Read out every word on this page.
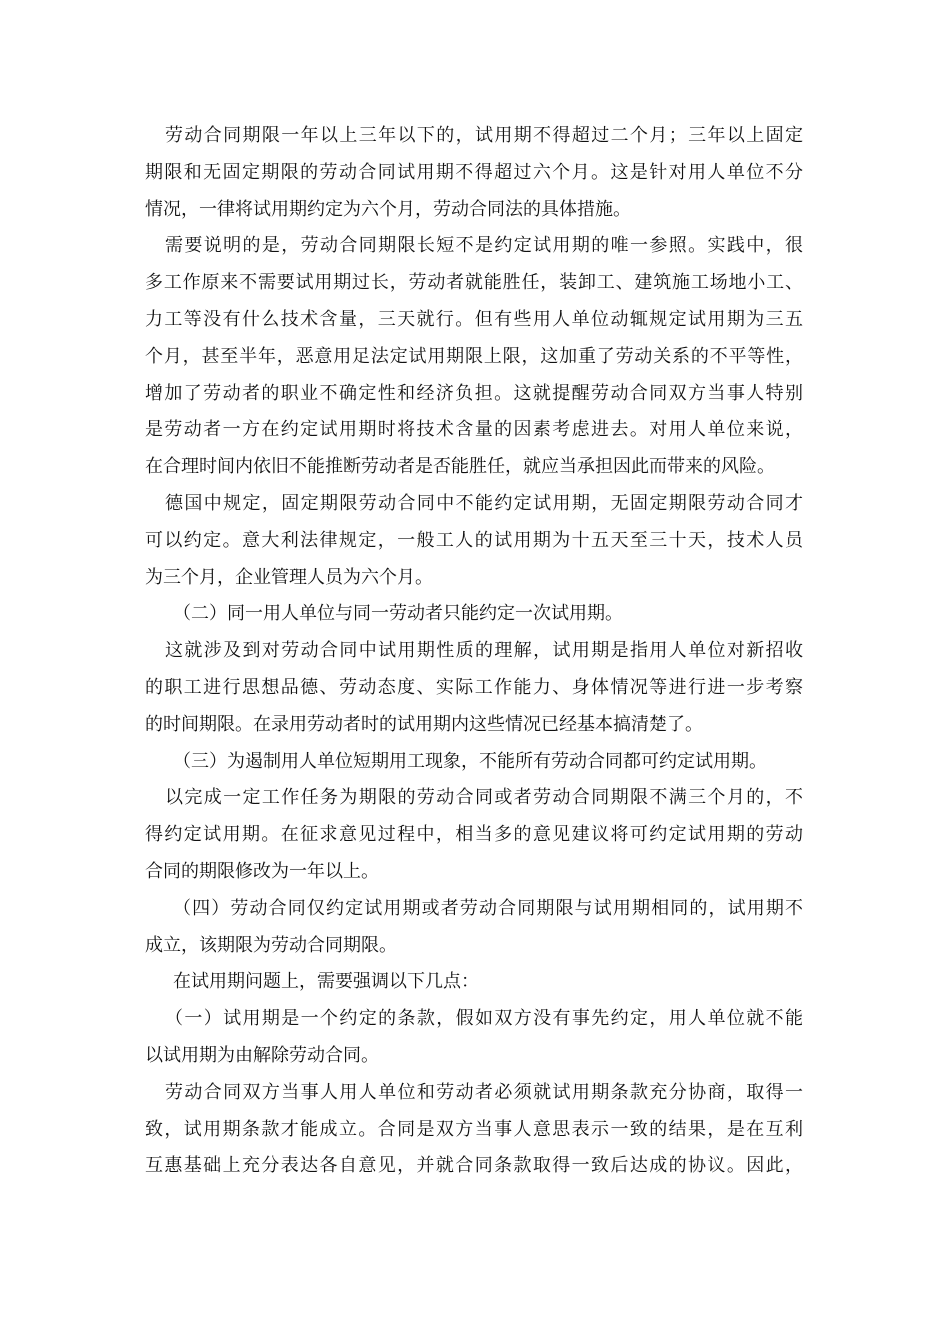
劳动合同期限一年以上三年以下的，试用期不得超过二个月；三年以上固定
期限和无固定期限的劳动合同试用期不得超过六个月。这是针对用人单位不分
情况，一律将试用期约定为六个月，劳动合同法的具体措施。
需要说明的是，劳动合同期限长短不是约定试用期的唯一参照。实践中，很
多工作原来不需要试用期过长，劳动者就能胜任，装卸工、建筑施工场地小工、
力工等没有什么技术含量，三天就行。但有些用人单位动辄规定试用期为三五
个月，甚至半年，恶意用足法定试用期限上限，这加重了劳动关系的不平等性，
增加了劳动者的职业不确定性和经济负担。这就提醒劳动合同双方当事人特别
是劳动者一方在约定试用期时将技术含量的因素考虑进去。对用人单位来说，
在合理时间内依旧不能推断劳动者是否能胜任，就应当承担因此而带来的风险。
德国中规定，固定期限劳动合同中不能约定试用期，无固定期限劳动合同才
可以约定。意大利法律规定，一般工人的试用期为十五天至三十天，技术人员
为三个月，企业管理人员为六个月。
（二）同一用人单位与同一劳动者只能约定一次试用期。
这就涉及到对劳动合同中试用期性质的理解，试用期是指用人单位对新招收
的职工进行思想品德、劳动态度、实际工作能力、身体情况等进行进一步考察
的时间期限。在录用劳动者时的试用期内这些情况已经基本搞清楚了。
（三）为遏制用人单位短期用工现象，不能所有劳动合同都可约定试用期。
以完成一定工作任务为期限的劳动合同或者劳动合同期限不满三个月的，不
得约定试用期。在征求意见过程中，相当多的意见建议将可约定试用期的劳动
合同的期限修改为一年以上。
（四）劳动合同仅约定试用期或者劳动合同期限与试用期相同的，试用期不
成立，该期限为劳动合同期限。
在试用期问题上，需要强调以下几点：
（一）试用期是一个约定的条款，假如双方没有事先约定，用人单位就不能
以试用期为由解除劳动合同。
劳动合同双方当事人用人单位和劳动者必须就试用期条款充分协商，取得一
致，试用期条款才能成立。合同是双方当事人意思表示一致的结果，是在互利
互惠基础上充分表达各自意见，并就合同条款取得一致后达成的协议。因此，
